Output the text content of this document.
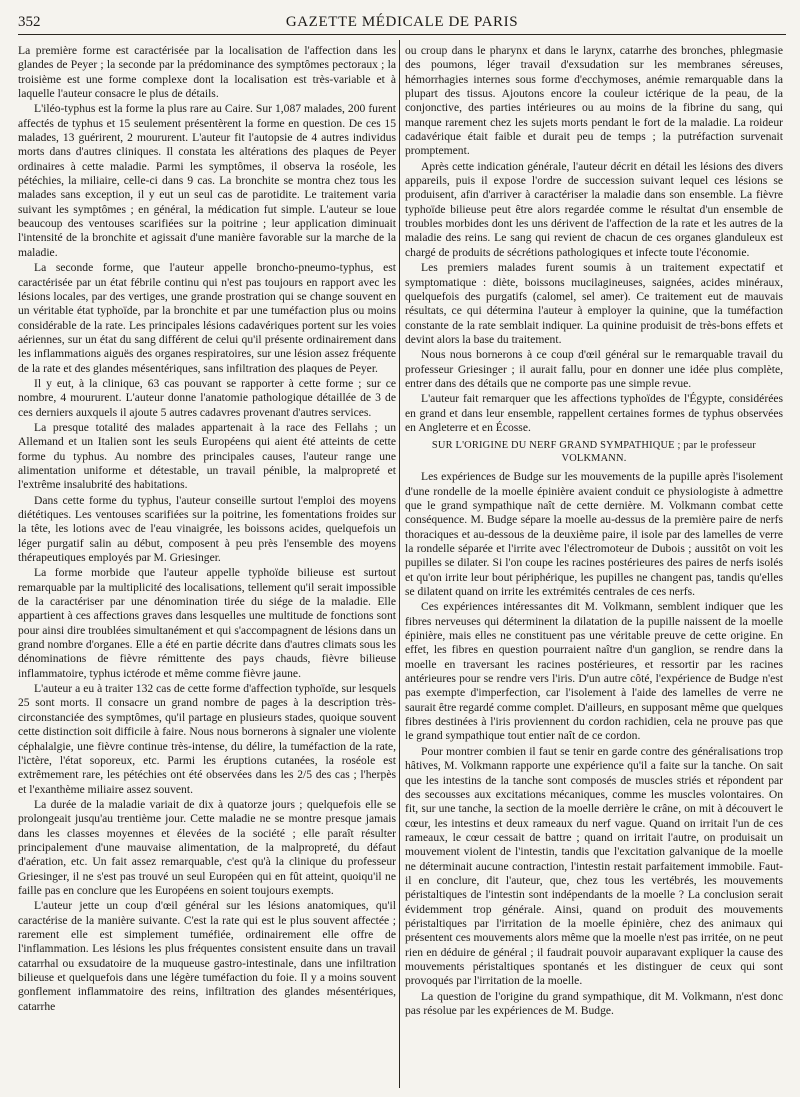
352	GAZETTE MÉDICALE DE PARIS

La première forme est caractérisée par la localisation de l'affection dans les glandes de Peyer ; la seconde par la prédominance des symptômes pectoraux ; la troisième est une forme complexe dont la localisation est très-variable et à laquelle l'auteur consacre le plus de détails.

L'iléo-typhus est la forme la plus rare au Caire. Sur 1,087 malades, 200 furent affectés de typhus et 15 seulement présentèrent la forme en question. De ces 15 malades, 13 guérirent, 2 moururent. L'auteur fit l'autopsie de 4 autres individus morts dans d'autres cliniques. Il constata les altérations des plaques de Peyer ordinaires à cette maladie. Parmi les symptômes, il observa la roséole, les pétéchies, la miliaire, celle-ci dans 9 cas. La bronchite se montra chez tous les malades sans exception, il y eut un seul cas de parotidite. Le traitement varia suivant les symptômes ; en général, la médication fut simple. L'auteur se loue beaucoup des ventouses scarifiées sur la poitrine ; leur application diminuait l'intensité de la bronchite et agissait d'une manière favorable sur la marche de la maladie.

La seconde forme, que l'auteur appelle broncho-pneumo-typhus, est caractérisée par un état fébrile continu qui n'est pas toujours en rapport avec les lésions locales, par des vertiges, une grande prostration qui se change souvent en un véritable état typhoïde, par la bronchite et par une tuméfaction plus ou moins considérable de la rate. Les principales lésions cadavériques portent sur les voies aériennes, sur un état du sang différent de celui qu'il présente ordinairement dans les inflammations aiguës des organes respiratoires, sur une lésion assez fréquente de la rate et des glandes mésentériques, sans infiltration des plaques de Peyer.

Il y eut, à la clinique, 63 cas pouvant se rapporter à cette forme ; sur ce nombre, 4 moururent. L'auteur donne l'anatomie pathologique détaillée de 3 de ces derniers auxquels il ajoute 5 autres cadavres provenant d'autres services.

La presque totalité des malades appartenait à la race des Fellahs ; un Allemand et un Italien sont les seuls Européens qui aient été atteints de cette forme du typhus. Au nombre des principales causes, l'auteur range une alimentation uniforme et détestable, un travail pénible, la malpropreté et l'extrême insalubrité des habitations.

Dans cette forme du typhus, l'auteur conseille surtout l'emploi des moyens diététiques. Les ventouses scarifiées sur la poitrine, les fomentations froides sur la tête, les lotions avec de l'eau vinaigrée, les boissons acides, quelquefois un léger purgatif salin au début, composent à peu près l'ensemble des moyens thérapeutiques employés par M. Griesinger.

La forme morbide que l'auteur appelle typhoïde bilieuse est surtout remarquable par la multiplicité des localisations, tellement qu'il serait impossible de la caractériser par une dénomination tirée du siége de la maladie. Elle appartient à ces affections graves dans lesquelles une multitude de fonctions sont pour ainsi dire troublées simultanément et qui s'accompagnent de lésions dans un grand nombre d'organes. Elle a été en partie décrite dans d'autres climats sous les dénominations de fièvre rémittente des pays chauds, fièvre bilieuse inflammatoire, typhus ictérode et même comme fièvre jaune.

L'auteur a eu à traiter 132 cas de cette forme d'affection typhoïde, sur lesquels 25 sont morts. Il consacre un grand nombre de pages à la description très-circonstanciée des symptômes, qu'il partage en plusieurs stades, quoique souvent cette distinction soit difficile à faire. Nous nous bornerons à signaler une violente céphalalgie, une fièvre continue très-intense, du délire, la tuméfaction de la rate, l'ictère, l'état soporeux, etc. Parmi les éruptions cutanées, la roséole est extrêmement rare, les pétéchies ont été observées dans les 2/5 des cas ; l'herpès et l'exanthème miliaire assez souvent.

La durée de la maladie variait de dix à quatorze jours ; quelquefois elle se prolongeait jusqu'au trentième jour. Cette maladie ne se montre presque jamais dans les classes moyennes et élevées de la société ; elle paraît résulter principalement d'une mauvaise alimentation, de la malpropreté, du défaut d'aération, etc. Un fait assez remarquable, c'est qu'à la clinique du professeur Griesinger, il ne s'est pas trouvé un seul Européen qui en fût atteint, quoiqu'il ne faille pas en conclure que les Européens en soient toujours exempts.

L'auteur jette un coup d'œil général sur les lésions anatomiques, qu'il caractérise de la manière suivante. C'est la rate qui est le plus souvent affectée ; rarement elle est simplement tuméfiée, ordinairement elle offre de l'inflammation. Les lésions les plus fréquentes consistent ensuite dans un travail catarrhal ou exsudatoire de la muqueuse gastro-intestinale, dans une infiltration bilieuse et quelquefois dans une légère tuméfaction du foie. Il y a moins souvent gonflement inflammatoire des reins, infiltration des glandes mésentériques, catarrhe

ou croup dans le pharynx et dans le larynx, catarrhe des bronches, phlegmasie des poumons, léger travail d'exsudation sur les membranes séreuses, hémorrhagies internes sous forme d'ecchymoses, anémie remarquable dans la plupart des tissus. Ajoutons encore la couleur ictérique de la peau, de la conjonctive, des parties intérieures ou au moins de la fibrine du sang, qui manque rarement chez les sujets morts pendant le fort de la maladie. La roideur cadavérique était faible et durait peu de temps ; la putréfaction survenait promptement.

Après cette indication générale, l'auteur décrit en détail les lésions des divers appareils, puis il expose l'ordre de succession suivant lequel ces lésions se produisent, afin d'arriver à caractériser la maladie dans son ensemble. La fièvre typhoïde bilieuse peut être alors regardée comme le résultat d'un ensemble de troubles morbides dont les uns dérivent de l'affection de la rate et les autres de la maladie des reins. Le sang qui revient de chacun de ces organes glanduleux est chargé de produits de sécrétions pathologiques et infecte toute l'économie.

Les premiers malades furent soumis à un traitement expectatif et symptomatique : diète, boissons mucilagineuses, saignées, acides minéraux, quelquefois des purgatifs (calomel, sel amer). Ce traitement eut de mauvais résultats, ce qui détermina l'auteur à employer la quinine, que la tuméfaction constante de la rate semblait indiquer. La quinine produisit de très-bons effets et devint alors la base du traitement.

Nous nous bornerons à ce coup d'œil général sur le remarquable travail du professeur Griesinger ; il aurait fallu, pour en donner une idée plus complète, entrer dans des détails que ne comporte pas une simple revue.

L'auteur fait remarquer que les affections typhoïdes de l'Égypte, considérées en grand et dans leur ensemble, rappellent certaines formes de typhus observées en Angleterre et en Écosse.

SUR L'ORIGINE DU NERF GRAND SYMPATHIQUE ; par le professeur
VOLKMANN.

Les expériences de Budge sur les mouvements de la pupille après l'isolement d'une rondelle de la moelle épinière avaient conduit ce physiologiste à admettre que le grand sympathique naît de cette dernière. M. Volkmann combat cette conséquence. M. Budge sépare la moelle au-dessus de la première paire de nerfs thoraciques et au-dessous de la deuxième paire, il isole par des lamelles de verre la rondelle séparée et l'irrite avec l'électromoteur de Dubois ; aussitôt on voit les pupilles se dilater. Si l'on coupe les racines postérieures des paires de nerfs isolés et qu'on irrite leur bout périphérique, les pupilles ne changent pas, tandis qu'elles se dilatent quand on irrite les extrémités centrales de ces nerfs.

Ces expériences intéressantes dit M. Volkmann, semblent indiquer que les fibres nerveuses qui déterminent la dilatation de la pupille naissent de la moelle épinière, mais elles ne constituent pas une véritable preuve de cette origine. En effet, les fibres en question pourraient naître d'un ganglion, se rendre dans la moelle en traversant les racines postérieures, et ressortir par les racines antérieures pour se rendre vers l'iris. D'un autre côté, l'expérience de Budge n'est pas exempte d'imperfection, car l'isolement à l'aide des lamelles de verre ne saurait être regardé comme complet. D'ailleurs, en supposant même que quelques fibres destinées à l'iris proviennent du cordon rachidien, cela ne prouve pas que le grand sympathique tout entier naît de ce cordon.

Pour montrer combien il faut se tenir en garde contre des généralisations trop hâtives, M. Volkmann rapporte une expérience qu'il a faite sur la tanche. On sait que les intestins de la tanche sont composés de muscles striés et répondent par des secousses aux excitations mécaniques, comme les muscles volontaires. On fit, sur une tanche, la section de la moelle derrière le crâne, on mit à découvert le cœur, les intestins et deux rameaux du nerf vague. Quand on irritait l'un de ces rameaux, le cœur cessait de battre ; quand on irritait l'autre, on produisait un mouvement violent de l'intestin, tandis que l'excitation galvanique de la moelle ne déterminait aucune contraction, l'intestin restait parfaitement immobile. Faut-il en conclure, dit l'auteur, que, chez tous les vertébrés, les mouvements péristaltiques de l'intestin sont indépendants de la moelle ? La conclusion serait évidemment trop générale. Ainsi, quand on produit des mouvements péristaltiques par l'irritation de la moelle épinière, chez des animaux qui présentent ces mouvements alors même que la moelle n'est pas irritée, on ne peut rien en déduire de général ; il faudrait pouvoir auparavant expliquer la cause des mouvements péristaltiques spontanés et les distinguer de ceux qui sont provoqués par l'irritation de la moelle.

La question de l'origine du grand sympathique, dit M. Volkmann, n'est donc pas résolue par les expériences de M. Budge.
